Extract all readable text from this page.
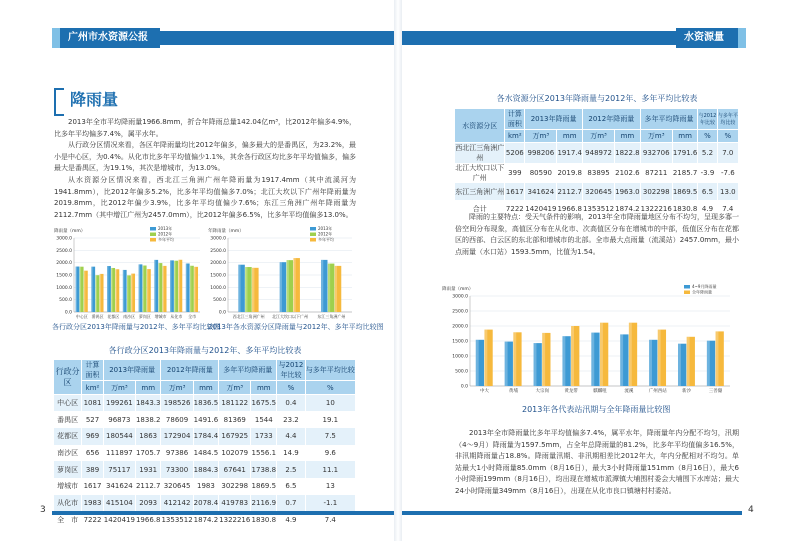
广州市水资源公报	水资源量
降雨量
2013年全市平均降雨量1966.8mm，折合年降雨总量142.04亿m³，比2012年偏多4.9%，比多年平均偏多7.4%，属平水年。
从行政分区情况来看，各区年降雨量均比2012年偏多，偏多最大的是番禺区，为23.2%，最小是中心区，为0.4%。从化市比多年平均值偏少1.1%，其余各行政区均比多年平均值偏多，偏多最大是番禺区，为19.1%，其次是增城市，为13.0%。
从水资源分区情况来看，西北江三角洲广州年降雨量为1917.4mm（其中流溪河为1941.8mm），比2012年偏多5.2%，比多年平均值偏多7.0%；北江大坎以下广州年降雨量为2019.8mm，比2012年偏少3.9%，比多年平均值偏少7.6%；东江三角洲广州年降雨量为2112.7mm（其中增江广州为2457.0mm），比2012年偏多6.5%，比多年平均值偏多13.0%。
降雨量（mm）
0.0
500.0
1000.0
1500.0
2000.0
2500.0
3000.0
中心区 番禺区 花都区 南沙区 萝岗区 增城市 从化市 全市
2013年
2012年
多年平均
各行政分区2013年降雨量与2012年、多年平均比较图
年降雨量（mm）
0.0
500.0
1000.0
1500.0
2000.0
2500.0
3000.0
西北江三角洲广州 北江大坎口以下广州 东江三角洲广州
2013年
2012年
多年平均
2013年各水资源分区降雨量与2012年、多年平均比较图
各行政分区2013年降雨量与2012年、多年平均比较表
行政分区	计算面积	2013年降雨量		2012年降雨量		多年平均降雨量		与2012年比较	与多年平均比较
	km²	万m³	mm	万m³	mm	万m³	mm	%	%
中心区	1081	199261	1843.3	198526	1836.5	181122	1675.5	0.4	10
番禺区	527	96873	1838.2	78609	1491.6	81369	1544	23.2	19.1
花都区	969	180544	1863	172904	1784.4	167925	1733	4.4	7.5
南沙区	656	111897	1705.7	97386	1484.5	102079	1556.1	14.9	9.6
萝岗区	389	75117	1931	73300	1884.3	67641	1738.8	2.5	11.1
增城市	1617	341624	2112.7	320645	1983	302298	1869.5	6.5	13
从化市	1983	415104	2093	412142	2078.4	419783	2116.9	0.7	-1.1
全　市	7222	1420419	1966.8	1353512	1874.2	1322216	1830.8	4.9	7.4
3
各水资源分区2013年降雨量与2012年、多年平均比较表
水资源分区	计算面积	2013年降雨量		2012年降雨量		多年平均降雨量		与2012年比较	与多年平均比较
	km²	万m³	mm	万m³	mm	万m³	mm	%	%
西北江三角洲广州	5206	998206	1917.4	948972	1822.8	932706	1791.6	5.2	7.0
北江大坎口以下广州	399	80590	2019.8	83895	2102.6	87211	2185.7	-3.9	-7.6
东江三角洲广州	1617	341624	2112.7	320645	1963.0	302298	1869.5	6.5	13.0
合计	7222	1420419	1966.8	1353512	1874.2	1322216	1830.8	4.9	7.4
降雨的主要特点：受天气条件的影响，2013年全市降雨量地区分布不均匀，呈现多寡一倍空间分布现象，高值区分布在从化市、次高值区分布在增城市的中部，低值区分布在花都区的西部、白云区的东北部和增城市的北部。全市最大点雨量（流溪站）2457.0mm，最小点雨量（水口站）1593.5mm，比值为1.54。
降雨量（mm）
0.0
500.0
1000.0
1500.0
2000.0
2500.0
3000.0
中大	黄埔	大宗岗	黄龙带	麒麟咀	流溪	广州西站	新沙	三善窿
4~9月降雨量
全年降雨量
2013年各代表站汛期与全年降雨量比较图
2013年全市降雨量比多年平均值偏多7.4%，属平水年，降雨量年内分配不均匀，汛期（4～9月）降雨量为1597.5mm，占全年总降雨量的81.2%，比多年平均值偏多16.5%，非汛期降雨量占18.8%。降雨量汛期、非汛期相差比2012年大，年内分配相对不均匀。单站最大1小时降雨量85.0mm（8月16日），最大3小时降雨量151mm（8月16日），最大6小时降雨199mm（8月16日），均出现在增城市派潭镇大埔围村委会大埔围下水库站；最大24小时降雨量349mm（8月16日），出现在从化市良口镇塘村村委站。
4
